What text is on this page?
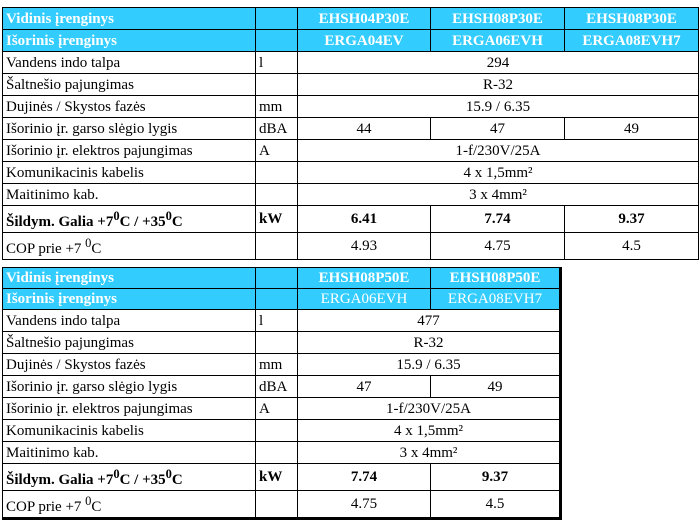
Vidinis įrenginys		EHSH04P30E	EHSH08P30E	EHSH08P30E
Išorinis įrenginys		ERGA04EV	ERGA06EVH	ERGA08EVH7
Vandens indo talpa	l	294		
Šaltnešio pajungimas		R-32		
Dujinės / Skystos fazės	mm	15.9 / 6.35		
Išorinio įr. garso slėgio lygis	dBA	44	47	49
Išorinio įr. elektros pajungimas	A	1-f/230V/25A		
Komunikacinis kabelis		4 x 1,5mm²		
Maitinimo kab.		3 x 4mm²		
Šildym. Galia $+7^0C / +35^0C$	kW	6.41	7.74	9.37
COP prie +7 $^0$C		4.93	4.75	4.5
Vidinis įrenginys		EHSH08P50E	EHSH08P50E
Išorinis įrenginys		ERGA06EVH	ERGA08EVH7
Vandens indo talpa	l	477	
Šaltnešio pajungimas		R-32	
Dujinės / Skystos fazės	mm	15.9 / 6.35	
Išorinio įr. garso slėgio lygis	dBA	47	49
Išorinio įr. elektros pajungimas	A	1-f/230V/25A	
Komunikacinis kabelis		4 x 1,5mm²	
Maitinimo kab.		3 x 4mm²	
Šildym. Galia $+7^0C / +35^0C$	kW	7.74	9.37
COP prie +7 $^0$C		4.75	4.5
